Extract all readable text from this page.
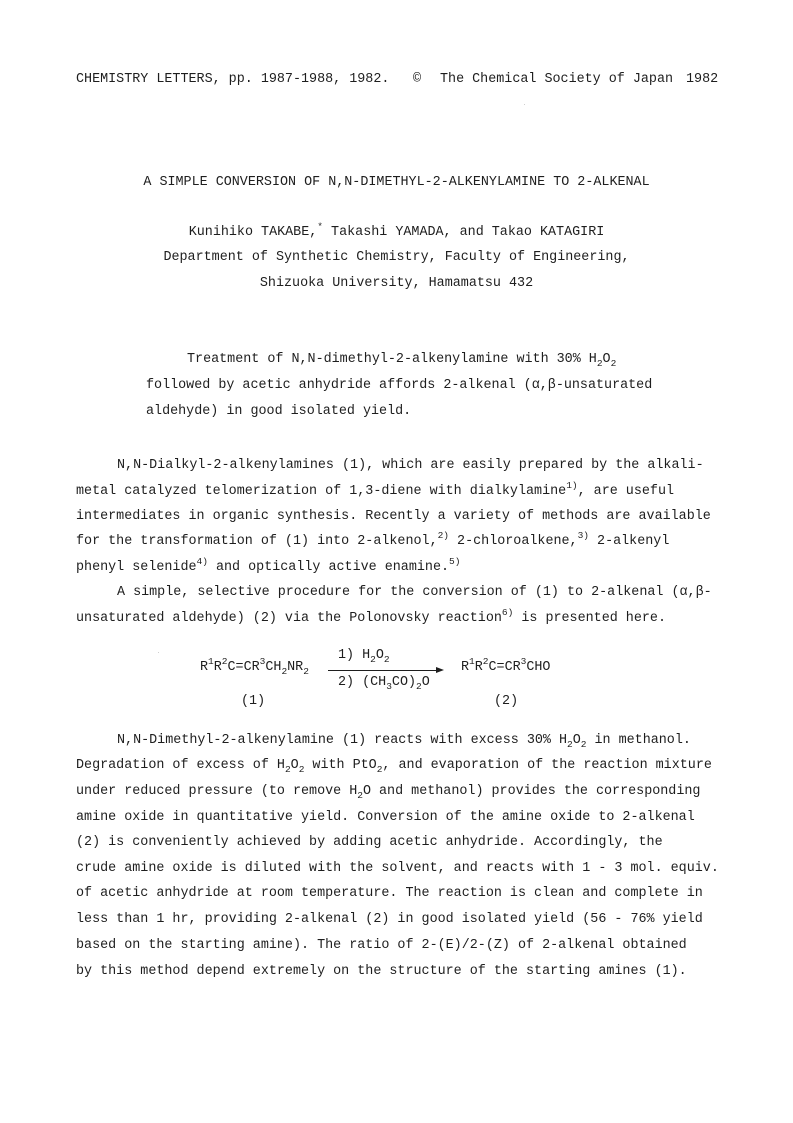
CHEMISTRY LETTERS, pp. 1987-1988, 1982. © The Chemical Society of Japan 1982
A SIMPLE CONVERSION OF N,N-DIMETHYL-2-ALKENYLAMINE TO 2-ALKENAL
Kunihiko TAKABE,* Takashi YAMADA, and Takao KATAGIRI
Department of Synthetic Chemistry, Faculty of Engineering,
Shizuoka University, Hamamatsu 432
Treatment of N,N-dimethyl-2-alkenylamine with 30% $H_2O_2$
followed by acetic anhydride affords 2-alkenal (α,β-unsaturated
aldehyde) in good isolated yield.
N,N-Dialkyl-2-alkenylamines (1), which are easily prepared by the alkali-
metal catalyzed telomerization of 1,3-diene with dialkylamine$^{1)}$, are useful
intermediates in organic synthesis. Recently a variety of methods are available
for the transformation of (1) into 2-alkenol,$^{2)}$ 2-chloroalkene,$^{3)}$ 2-alkenyl
phenyl selenide$^{4)}$ and optically active enamine.$^{5)}$
A simple, selective procedure for the conversion of (1) to 2-alkenal (α,β-
unsaturated aldehyde) (2) via the Polonovsky reaction$^{6)}$ is presented here.
$R^1R^2C=CR^3CH_2NR_2$
1) $H_2O_2$
2) $(CH_3CO)_2O$
$R^1R^2C=CR^3CHO$
(1)	(2)
N,N-Dimethyl-2-alkenylamine (1) reacts with excess 30% $H_2O_2$ in methanol.
Degradation of excess of $H_2O_2$ with PtO$_2$, and evaporation of the reaction mixture
under reduced pressure (to remove $H_2O$ and methanol) provides the corresponding
amine oxide in quantitative yield. Conversion of the amine oxide to 2-alkenal
(2) is conveniently achieved by adding acetic anhydride. Accordingly, the
crude amine oxide is diluted with the solvent, and reacts with 1 - 3 mol. equiv.
of acetic anhydride at room temperature. The reaction is clean and complete in
less than 1 hr, providing 2-alkenal (2) in good isolated yield (56 - 76% yield
based on the starting amine). The ratio of 2-(E)/2-(Z) of 2-alkenal obtained
by this method depend extremely on the structure of the starting amines (1).
